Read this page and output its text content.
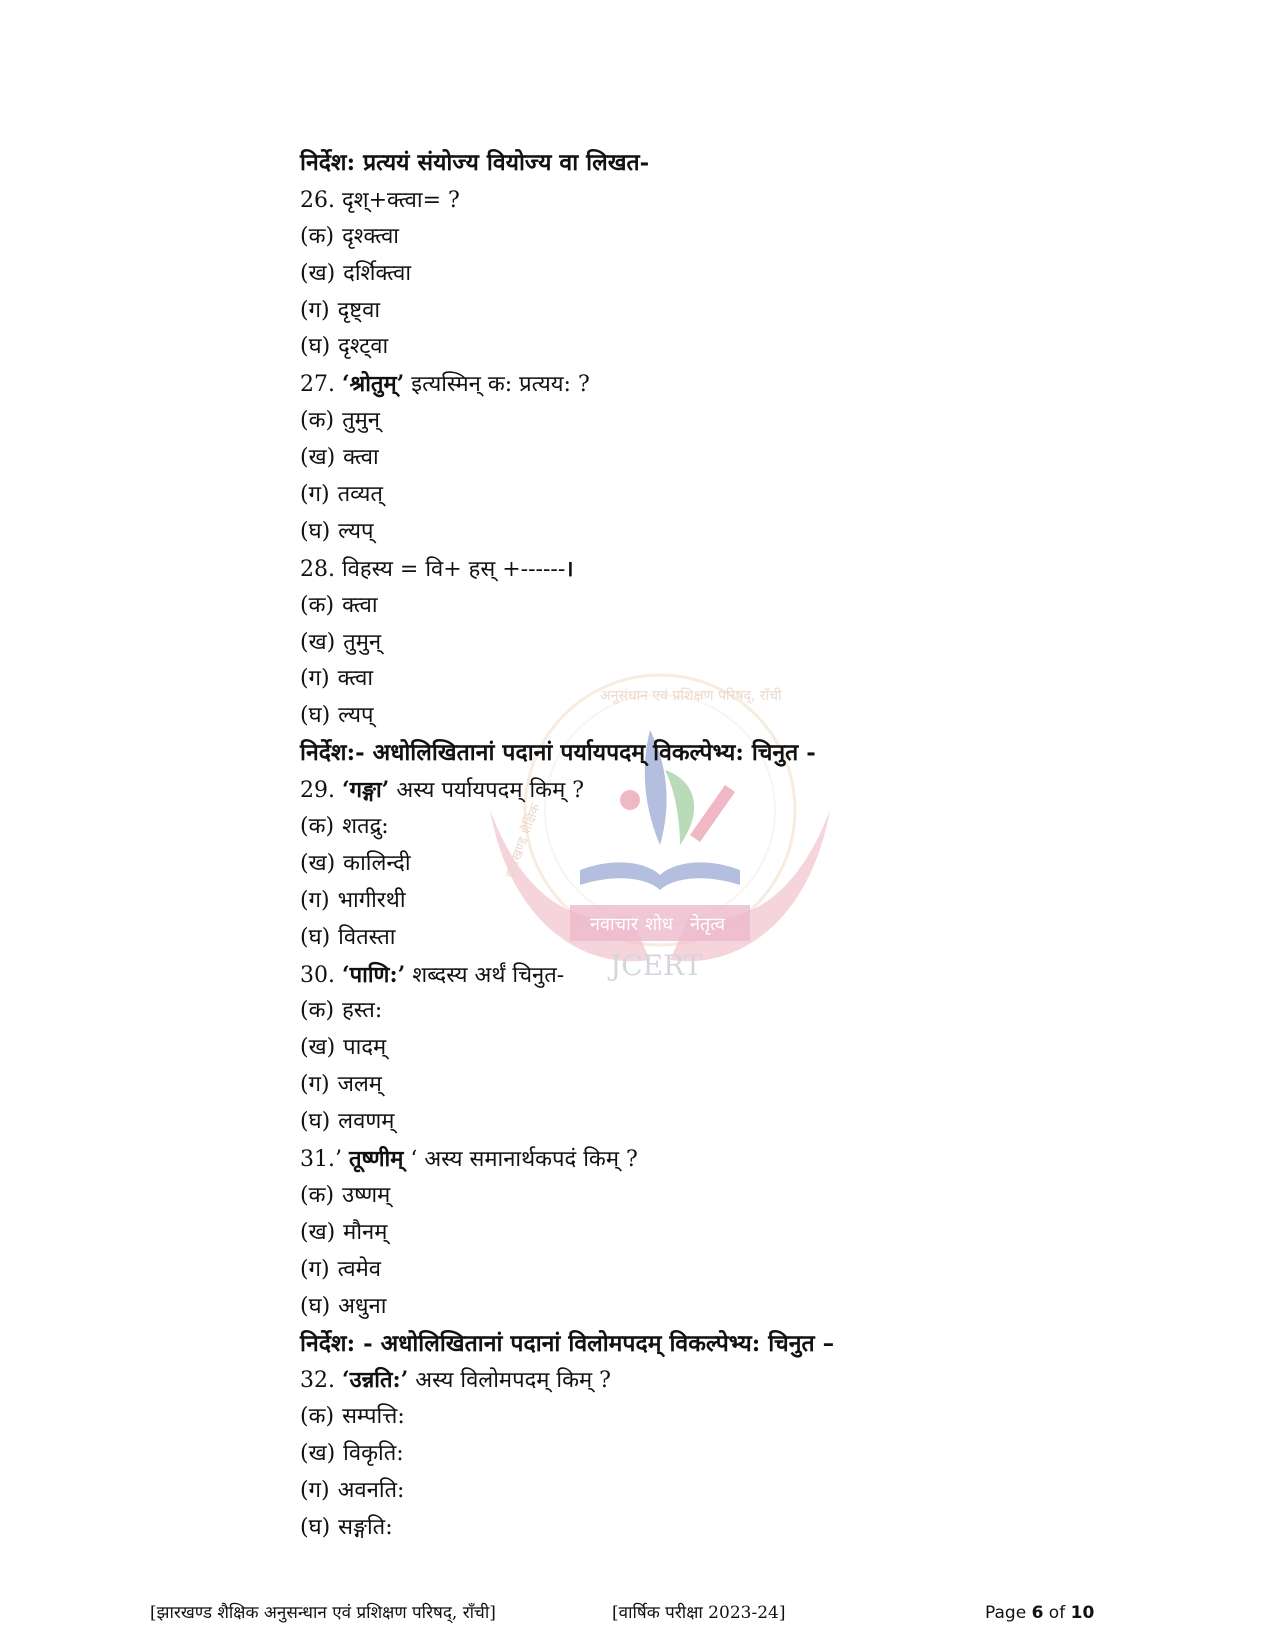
नवाचार शोध नेतृत्व
JCERT
अनुसंधान एवं प्रशिक्षण परिषद्, राँची
झारखण्ड शैक्षिक
निर्देश: प्रत्ययं संयोज्य वियोज्य वा लिखत-
26. दृश्+क्त्वा= ?
(क) दृश्क्त्वा
(ख) दर्शिक्त्वा
(ग) दृष्ट्वा
(घ) दृश्ट्वा
27. ‘श्रोतुम्’ इत्यस्मिन् क: प्रत्यय: ?
(क) तुमुन्
(ख) क्त्वा
(ग) तव्यत्
(घ) ल्यप्
28. विहस्य = वि+ हस् +------।
(क) क्त्वा
(ख) तुमुन्
(ग) क्त्वा
(घ) ल्यप्
निर्देश:- अधोलिखितानां पदानां पर्यायपदम् विकल्पेभ्य: चिनुत -
29. ‘गङ्गा’ अस्य पर्यायपदम् किम् ?
(क) शतद्रु:
(ख) कालिन्दी
(ग) भागीरथी
(घ) वितस्ता
30. ‘पाणि:’ शब्दस्य अर्थं चिनुत-
(क) हस्त:
(ख) पादम्
(ग) जलम्
(घ) लवणम्
31.’ तूष्णीम् ‘ अस्य समानार्थकपदं किम् ?
(क) उष्णम्
(ख) मौनम्
(ग) त्वमेव
(घ) अधुना
निर्देश: - अधोलिखितानां पदानां विलोमपदम् विकल्पेभ्य: चिनुत –
32. ‘उन्नति:’ अस्य विलोमपदम् किम् ?
(क) सम्पत्ति:
(ख) विकृति:
(ग) अवनति:
(घ) सङ्गति:
[झारखण्ड शैक्षिक अनुसन्धान एवं प्रशिक्षण परिषद्, राँची]	[वार्षिक परीक्षा 2023-24]	Page 6 of 10
